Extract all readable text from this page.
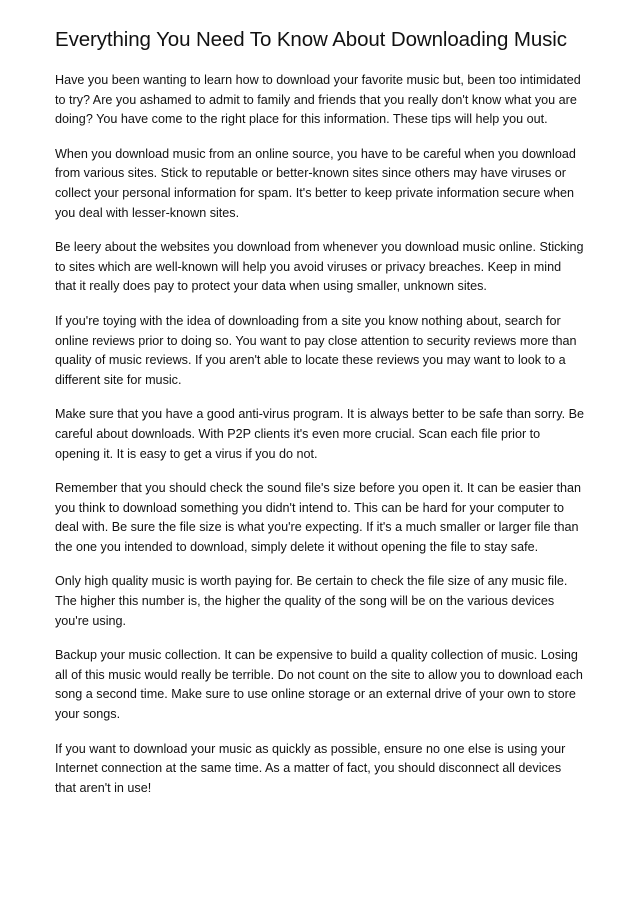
Everything You Need To Know About Downloading Music

Have you been wanting to learn how to download your favorite music but, been too intimidated to try? Are you ashamed to admit to family and friends that you really don't know what you are doing? You have come to the right place for this information. These tips will help you out.

When you download music from an online source, you have to be careful when you download from various sites. Stick to reputable or better-known sites since others may have viruses or collect your personal information for spam. It's better to keep private information secure when you deal with lesser-known sites.

Be leery about the websites you download from whenever you download music online. Sticking to sites which are well-known will help you avoid viruses or privacy breaches. Keep in mind that it really does pay to protect your data when using smaller, unknown sites.

If you're toying with the idea of downloading from a site you know nothing about, search for online reviews prior to doing so. You want to pay close attention to security reviews more than quality of music reviews. If you aren't able to locate these reviews you may want to look to a different site for music.

Make sure that you have a good anti-virus program. It is always better to be safe than sorry. Be careful about downloads. With P2P clients it's even more crucial. Scan each file prior to opening it. It is easy to get a virus if you do not.

Remember that you should check the sound file's size before you open it. It can be easier than you think to download something you didn't intend to. This can be hard for your computer to deal with. Be sure the file size is what you're expecting. If it's a much smaller or larger file than the one you intended to download, simply delete it without opening the file to stay safe.

Only high quality music is worth paying for. Be certain to check the file size of any music file. The higher this number is, the higher the quality of the song will be on the various devices you're using.

Backup your music collection. It can be expensive to build a quality collection of music. Losing all of this music would really be terrible. Do not count on the site to allow you to download each song a second time. Make sure to use online storage or an external drive of your own to store your songs.

If you want to download your music as quickly as possible, ensure no one else is using your Internet connection at the same time. As a matter of fact, you should disconnect all devices that aren't in use!
